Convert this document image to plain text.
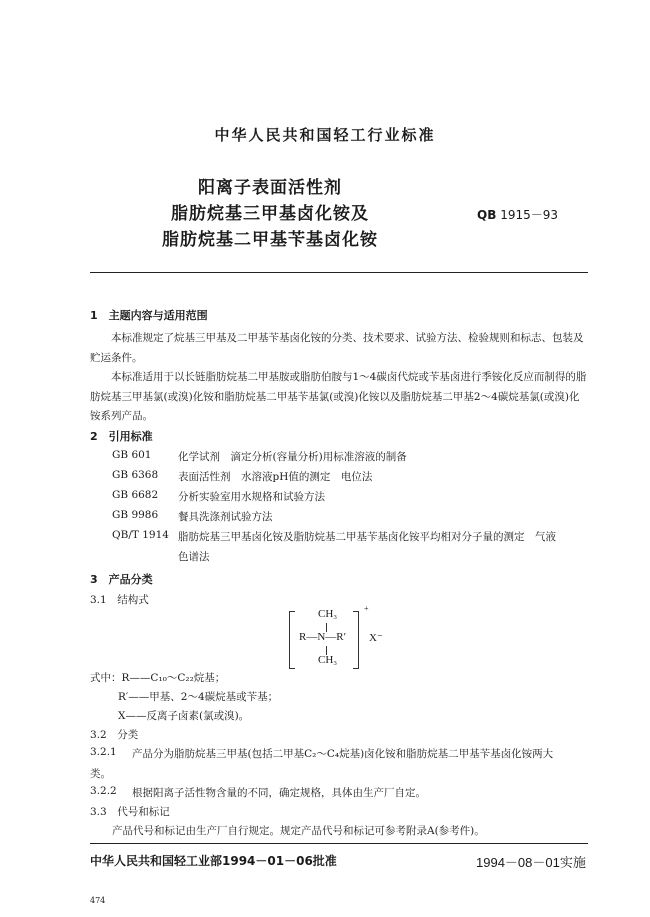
中华人民共和国轻工行业标准
阳离子表面活性剂
脂肪烷基三甲基卤化铵及
脂肪烷基二甲基苄基卤化铵
QB 1915－93
1　主题内容与适用范围
本标准规定了烷基三甲基及二甲基苄基卤化铵的分类、技术要求、试验方法、检验规则和标志、包装及贮运条件。
本标准适用于以长链脂肪烷基二甲基胺或脂肪伯胺与1～4碳卤代烷或苄基卤进行季铵化反应而制得的脂肪烷基三甲基氯(或溴)化铵和脂肪烷基二甲基苄基氯(或溴)化铵以及脂肪烷基二甲基2～4碳烷基氯(或溴)化铵系列产品。
2　引用标准
GB 601	化学试剂　滴定分析(容量分析)用标准溶液的制备
GB 6368 表面活性剂　水溶液pH值的测定　电位法
GB 6682 分析实验室用水规格和试验方法
GB 9986 餐具洗涤剂试验方法
QB/T 1914 脂肪烷基三甲基卤化铵及脂肪烷基二甲基苄基卤化铵平均相对分子量的测定　气液
色谱法
3　产品分类
3.1　结构式
CH₃
R—N—R′
CH₃
+
X⁻
式中：R——C₁₀～C₂₂烷基；
R′——甲基、2～4碳烷基或苄基；
X——反离子卤素(氯或溴)。
3.2　分类
3.2.1 产品分为脂肪烷基三甲基(包括二甲基C₂～C₄烷基)卤化铵和脂肪烷基二甲基苄基卤化铵两大
类。
3.2.2 根据阳离子活性物含量的不同，确定规格，具体由生产厂自定。
3.3　代号和标记
产品代号和标记由生产厂自行规定。规定产品代号和标记可参考附录A(参考件)。
中华人民共和国轻工业部1994－01－06批准	1994－08－01实施
474
